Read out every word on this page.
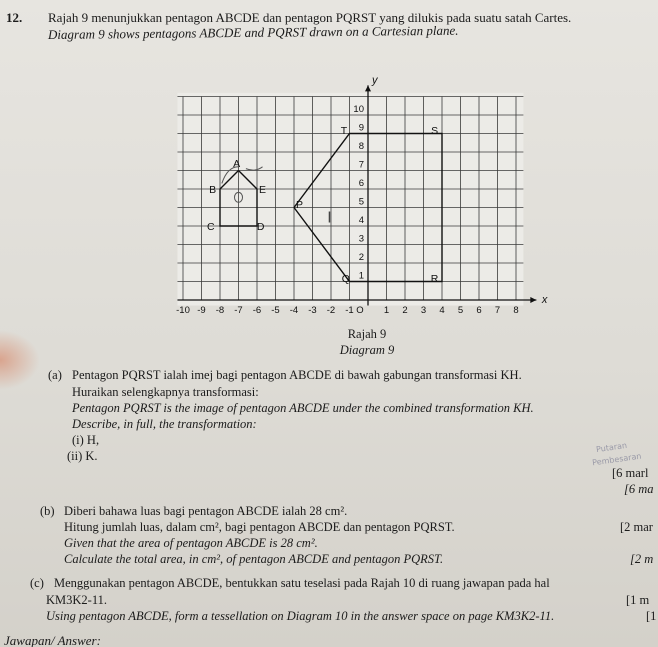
12. Rajah 9 menunjukkan pentagon ABCDE dan pentagon PQRST yang dilukis pada suatu satah Cartes.
Diagram 9 shows pentagons ABCDE and PQRST drawn on a Cartesian plane.
-10 -9 -8 -7 -6 -5 -4 -3 -2 -1 O 1 2 3 4 5 6 7 8
1
2
3
4
5
6
7
8
9
10
x
y
I
A
B
C	D
E
P
Q	R
S
T
Putaran
Pembesaran
Rajah 9
Diagram 9
(a) Pentagon PQRST ialah imej bagi pentagon ABCDE di bawah gabungan transformasi KH.
Huraikan selengkapnya transformasi:
Pentagon PQRST is the image of pentagon ABCDE under the combined transformation KH.
Describe, in full, the transformation:
(i) H,
(ii) K.
[6 marl
[6 ma
(b) Diberi bahawa luas bagi pentagon ABCDE ialah 28 cm².
Hitung jumlah luas, dalam cm², bagi pentagon ABCDE dan pentagon PQRST.	[2 mar
Given that the area of pentagon ABCDE is 28 cm².
Calculate the total area, in cm², of pentagon ABCDE and pentagon PQRST.	[2 m
(c) Menggunakan pentagon ABCDE, bentukkan satu teselasi pada Rajah 10 di ruang jawapan pada hal
KM3K2-11.	[1 m
Using pentagon ABCDE, form a tessellation on Diagram 10 in the answer space on page KM3K2-11.	[1
Jawapan/ Answer:
